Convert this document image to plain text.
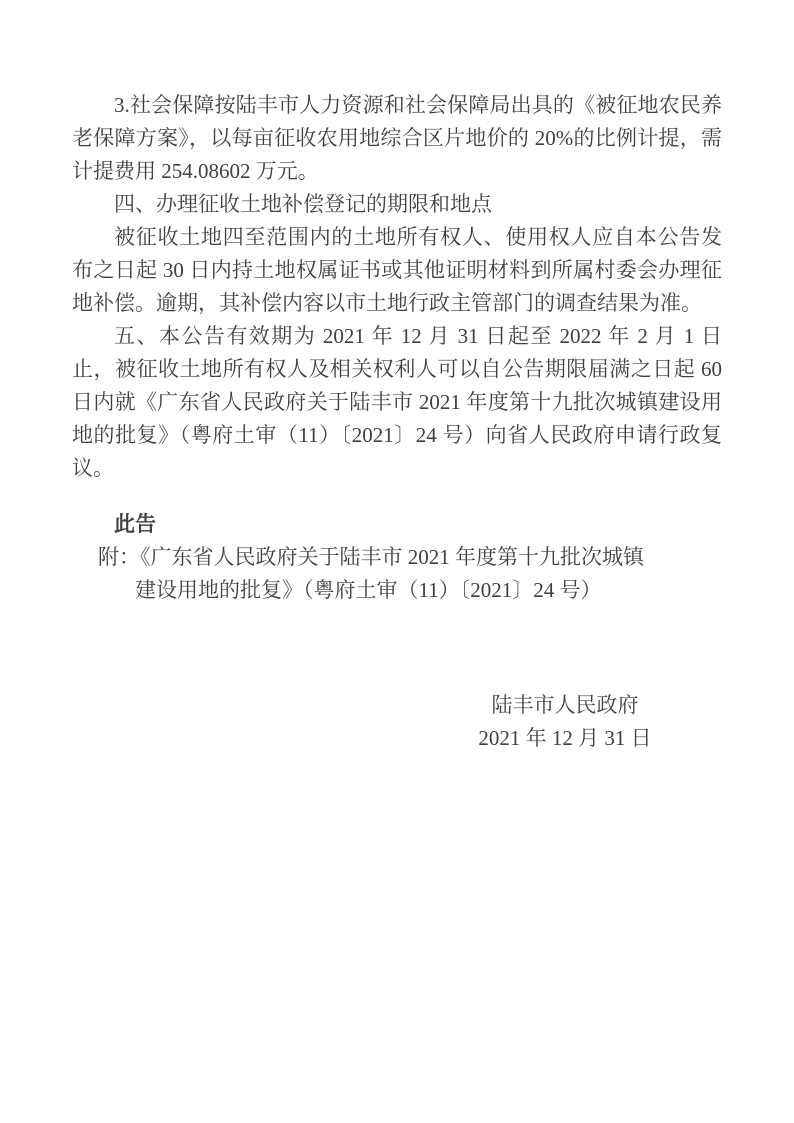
3.社会保障按陆丰市人力资源和社会保障局出具的《被征地农民养老保障方案》，以每亩征收农用地综合区片地价的 20%的比例计提，需计提费用 254.08602 万元。

四、办理征收土地补偿登记的期限和地点

被征收土地四至范围内的土地所有权人、使用权人应自本公告发布之日起 30 日内持土地权属证书或其他证明材料到所属村委会办理征地补偿。逾期，其补偿内容以市土地行政主管部门的调查结果为准。

五、本公告有效期为 2021 年 12 月 31 日起至 2022 年 2 月 1 日止，被征收土地所有权人及相关权利人可以自公告期限届满之日起 60 日内就《广东省人民政府关于陆丰市 2021 年度第十九批次城镇建设用地的批复》（粤府土审（11）〔2021〕24 号）向省人民政府申请行政复议。

此告

附：《广东省人民政府关于陆丰市 2021 年度第十九批次城镇
建设用地的批复》（粤府土审（11）〔2021〕24 号）
陆丰市人民政府
2021 年 12 月 31 日
